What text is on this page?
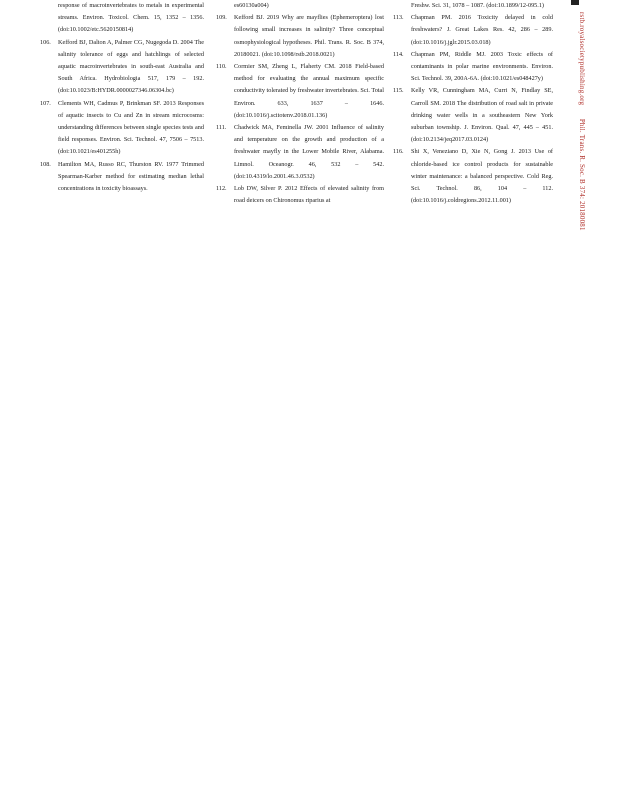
response of macroinvertebrates to metals in experimental streams. Environ. Toxicol. Chem. 15, 1352 – 1356. (doi:10.1002/etc.5620150814)
106. Kefford BJ, Dalton A, Palmer CG, Nugegoda D. 2004 The salinity tolerance of eggs and hatchlings of selected aquatic macroinvertebrates in south-east Australia and South Africa. Hydrobiologia 517, 179 – 192. (doi:10.1023/B:HYDR.0000027346.06304.bc)
107. Clements WH, Cadmus P, Brinkman SF. 2013 Responses of aquatic insects to Cu and Zn in stream microcosms: understanding differences between single species tests and field responses. Environ. Sci. Technol. 47, 7506 – 7513. (doi:10.1021/es401255h)
108. Hamilton MA, Russo RC, Thurston RV. 1977 Trimmed Spearman-Karber method for estimating median lethal concentrations in toxicity bioassays.
es60130a004)
109. Kefford BJ. 2019 Why are mayflies (Ephemeroptera) lost following small increases in salinity? Three conceptual osmophysiological hypotheses. Phil. Trans. R. Soc. B 374, 20180021. (doi:10.1098/rstb.2018.0021)
110. Cormier SM, Zheng L, Flaherty CM. 2018 Field-based method for evaluating the annual maximum specific conductivity tolerated by freshwater invertebrates. Sci. Total Environ. 633, 1637 – 1646. (doi:10.1016/j.scitotenv.2018.01.136)
111. Chadwick MA, Feminella JW. 2001 Influence of salinity and temperature on the growth and production of a freshwater mayfly in the Lower Mobile River, Alabama. Limnol. Oceanogr. 46, 532 – 542. (doi:10.4319/lo.2001.46.3.0532)
112. Lob DW, Silver P. 2012 Effects of elevated salinity from road deicers on Chironomus riparius at
Freshw. Sci. 31, 1078 – 1087. (doi:10.1899/12-095.1)
113. Chapman PM. 2016 Toxicity delayed in cold freshwaters? J. Great Lakes Res. 42, 286 – 289. (doi:10.1016/j.jglr.2015.03.018)
114. Chapman PM, Riddle MJ. 2003 Toxic effects of contaminants in polar marine environments. Environ. Sci. Technol. 39, 200A-6A. (doi:10.1021/es048427y)
115. Kelly VR, Cunningham MA, Curri N, Findlay SE, Carroll SM. 2018 The distribution of road salt in private drinking water wells in a southeastern New York suburban township. J. Environ. Qual. 47, 445 – 451. (doi:10.2134/jeq2017.03.0124)
116. Shi X, Veneziano D, Xie N, Gong J. 2013 Use of chloride-based ice control products for sustainable winter maintenance: a balanced perspective. Cold Reg. Sci. Technol. 86, 104 – 112. (doi:10.1016/j.coldregions.2012.11.001)
rstb.royalsocietypublishing.org       Phil. Trans. R. Soc. B 374: 20180081
